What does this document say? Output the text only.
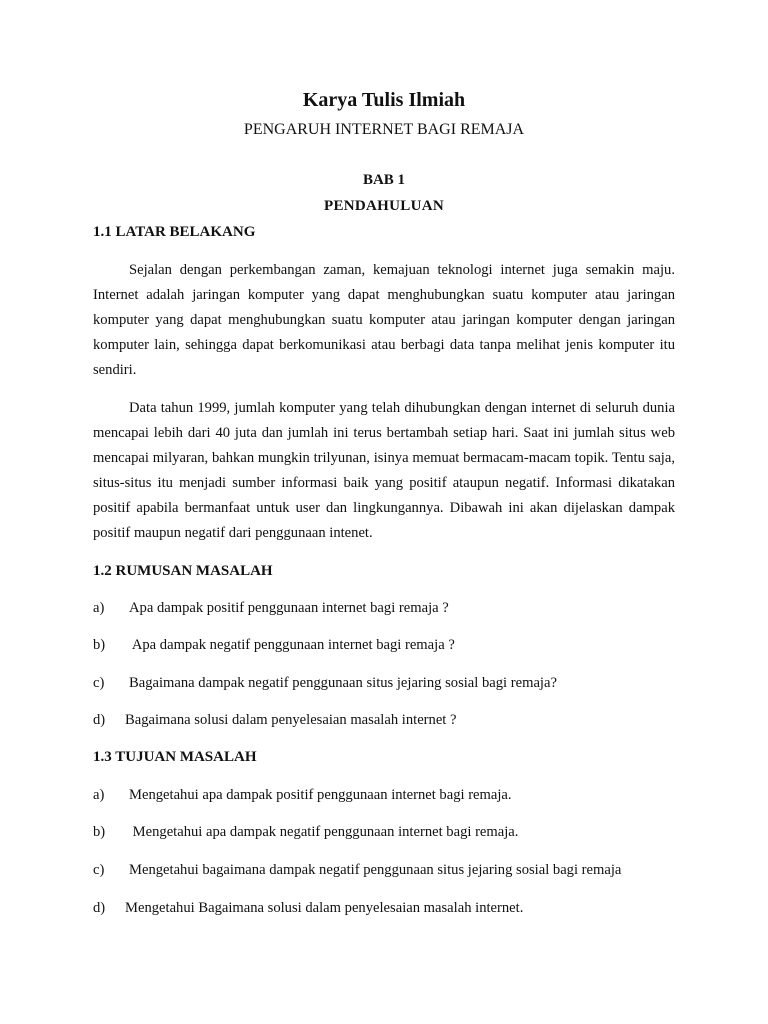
Karya Tulis Ilmiah
PENGARUH INTERNET BAGI REMAJA
BAB 1
PENDAHULUAN
1.1 LATAR BELAKANG

Sejalan dengan perkembangan zaman, kemajuan teknologi internet juga semakin maju. Internet adalah jaringan komputer yang dapat menghubungkan suatu komputer atau jaringan komputer yang dapat menghubungkan suatu komputer atau jaringan komputer dengan jaringan komputer lain, sehingga dapat berkomunikasi atau berbagi data tanpa melihat jenis komputer itu sendiri.

Data tahun 1999, jumlah komputer yang telah dihubungkan dengan internet di seluruh dunia mencapai lebih dari 40 juta dan jumlah ini terus bertambah setiap hari. Saat ini jumlah situs web mencapai milyaran, bahkan mungkin trilyunan, isinya memuat bermacam-macam topik. Tentu saja, situs-situs itu menjadi sumber informasi baik yang positif ataupun negatif. Informasi dikatakan positif apabila bermanfaat untuk user dan lingkungannya. Dibawah ini akan dijelaskan dampak positif maupun negatif dari penggunaan intenet.

1.2 RUMUSAN MASALAH
a) Apa dampak positif penggunaan internet bagi remaja ?
b) Apa dampak negatif penggunaan internet bagi remaja ?
c) Bagaimana dampak negatif penggunaan situs jejaring sosial bagi remaja?
d) Bagaimana solusi dalam penyelesaian masalah internet ?
1.3 TUJUAN MASALAH
a) Mengetahui apa dampak positif penggunaan internet bagi remaja.
b) Mengetahui apa dampak negatif penggunaan internet bagi remaja.
c) Mengetahui bagaimana dampak negatif penggunaan situs jejaring sosial bagi remaja
d) Mengetahui Bagaimana solusi dalam penyelesaian masalah internet.
